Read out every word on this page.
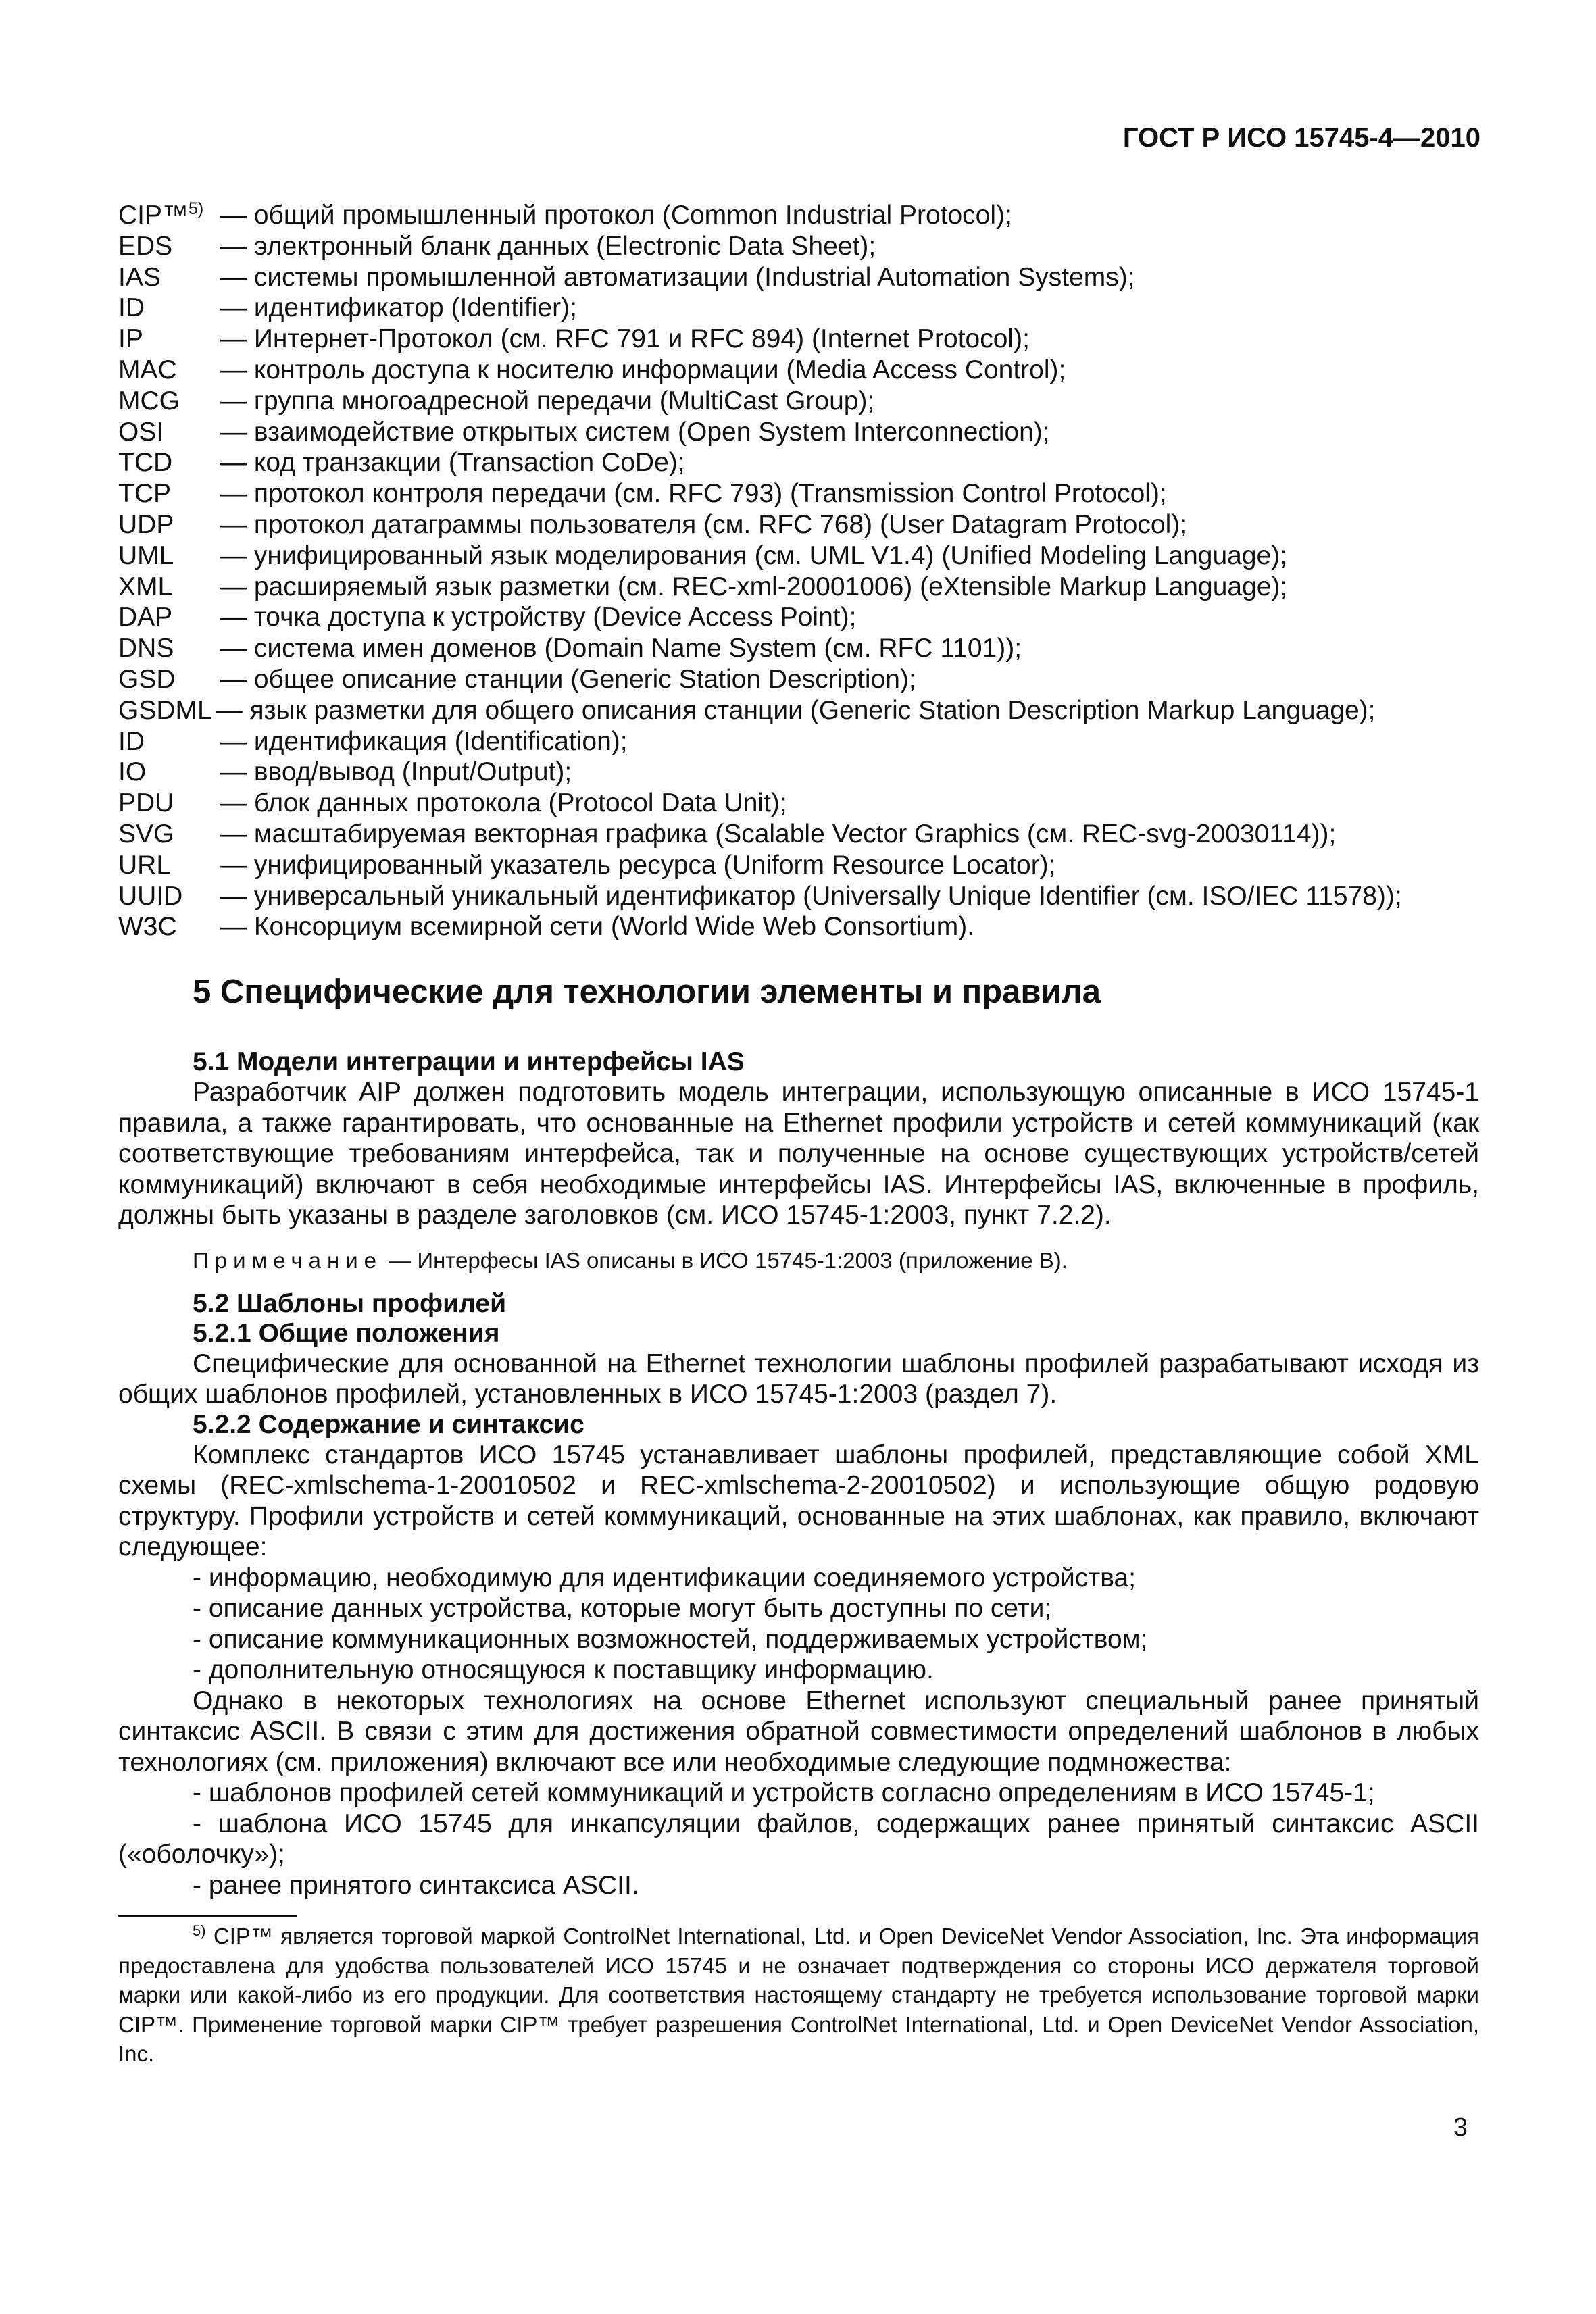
ГОСТ Р ИСО 15745-4—2010
CIP™$^{5)}$ — общий промышленный протокол (Common Industrial Protocol);
EDS	— электронный бланк данных (Electronic Data Sheet);
IAS	— системы промышленной автоматизации (Industrial Automation Systems);
ID	— идентификатор (Identifier);
IP	— Интернет-Протокол (см. RFC 791 и RFC 894) (Internet Protocol);
MAC	— контроль доступа к носителю информации (Media Access Control);
MCG	— группа многоадресной передачи (MultiCast Group);
OSI	— взаимодействие открытых систем (Open System Interconnection);
TCD	— код транзакции (Transaction CoDe);
TCP	— протокол контроля передачи (см. RFC 793) (Transmission Control Protocol);
UDP	— протокол датаграммы пользователя (см. RFC 768) (User Datagram Protocol);
UML	— унифицированный язык моделирования (см. UML V1.4) (Unified Modeling Language);
XML	— расширяемый язык разметки (см. REC-xml-20001006) (eXtensible Markup Language);
DAP	— точка доступа к устройству (Device Access Point);
DNS	— система имен доменов (Domain Name System (см. RFC 1101));
GSD	— общее описание станции (Generic Station Description);
GSDML — язык разметки для общего описания станции (Generic Station Description Markup Language);
ID	— идентификация (Identification);
IO	— ввод/вывод (Input/Output);
PDU	— блок данных протокола (Protocol Data Unit);
SVG	— масштабируемая векторная графика (Scalable Vector Graphics (см. REC-svg-20030114));
URL	— унифицированный указатель ресурса (Uniform Resource Locator);
UUID	— универсальный уникальный идентификатор (Universally Unique Identifier (см. ISO/IEC 11578));
W3C	— Консорциум всемирной сети (World Wide Web Consortium).
5 Специфические для технологии элементы и правила
5.1 Модели интеграции и интерфейсы IAS

Разработчик AIP должен подготовить модель интеграции, использующую описанные в ИСО 15745-1 правила, а также гарантировать, что основанные на Ethernet профили устройств и сетей коммуникаций (как соответствующие требованиям интерфейса, так и полученные на основе существующих устройств/сетей коммуникаций) включают в себя необходимые интерфейсы IAS. Интерфейсы IAS, включенные в профиль, должны быть указаны в разделе заголовков (см. ИСО 15745-1:2003, пункт 7.2.2).

Примечание — Интерфесы IAS описаны в ИСО 15745-1:2003 (приложение B).
5.2 Шаблоны профилей
5.2.1 Общие положения

Специфические для основанной на Ethernet технологии шаблоны профилей разрабатывают исходя из общих шаблонов профилей, установленных в ИСО 15745-1:2003 (раздел 7).

5.2.2 Содержание и синтаксис

Комплекс стандартов ИСО 15745 устанавливает шаблоны профилей, представляющие собой XML схемы (REC-xmlschema-1-20010502 и REC-xmlschema-2-20010502) и использующие общую родовую структуру. Профили устройств и сетей коммуникаций, основанные на этих шаблонах, как правило, включают следующее:

- информацию, необходимую для идентификации соединяемого устройства;

- описание данных устройства, которые могут быть доступны по сети;

- описание коммуникационных возможностей, поддерживаемых устройством;

- дополнительную относящуюся к поставщику информацию.

Однако в некоторых технологиях на основе Ethernet используют специальный ранее принятый синтаксис ASCII. В связи с этим для достижения обратной совместимости определений шаблонов в любых технологиях (см. приложения) включают все или необходимые следующие подмножества:

- шаблонов профилей сетей коммуникаций и устройств согласно определениям в ИСО 15745-1;

- шаблона ИСО 15745 для инкапсуляции файлов, содержащих ранее принятый синтаксис ASCII («оболочку»);

- ранее принятого синтаксиса ASCII.

$^{5)}$ CIP™ является торговой маркой ControlNet International, Ltd. и Open DeviceNet Vendor Association, Inc. Эта информация предоставлена для удобства пользователей ИСО 15745 и не означает подтверждения со стороны ИСО держателя торговой марки или какой-либо из его продукции. Для соответствия настоящему стандарту не требуется использование торговой марки CIP™. Применение торговой марки CIP™ требует разрешения ControlNet International, Ltd. и Open DeviceNet Vendor Association, Inc.
3
